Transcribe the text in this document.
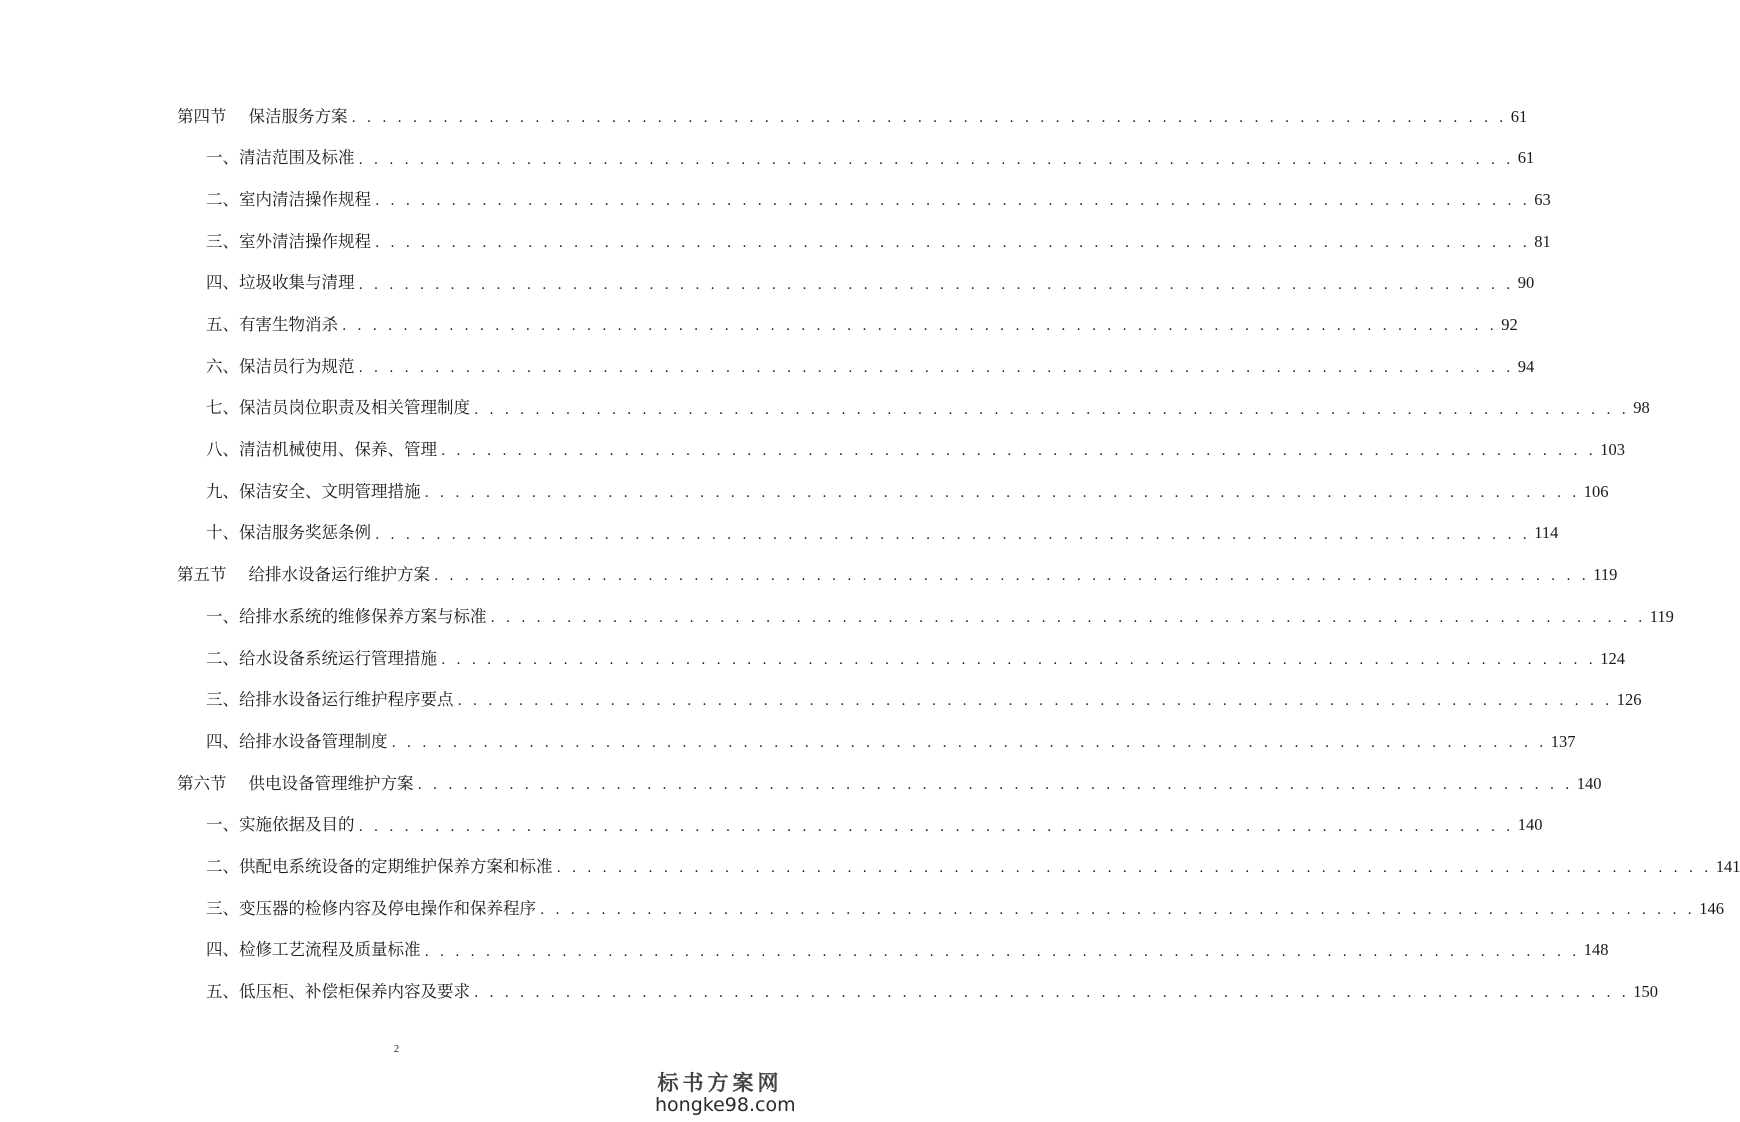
第四节 保洁服务方案 . . . . . . . . . . . . . . . . . . . . . . . . . . . . . . . . . . . . . . . . . . . . . . . . . . . . . . . . . . . . . . . . . . . . . . . . . . . . 61
一、清洁范围及标准 . . . . . . . . . . . . . . . . . . . . . . . . . . . . . . . . . . . . . . . . . . . . . . . . . . . . . . . . . . . . . . . . . . . . . . . . . . . . 61
二、室内清洁操作规程 . . . . . . . . . . . . . . . . . . . . . . . . . . . . . . . . . . . . . . . . . . . . . . . . . . . . . . . . . . . . . . . . . . . . . . . . . . . . 63
三、室外清洁操作规程 . . . . . . . . . . . . . . . . . . . . . . . . . . . . . . . . . . . . . . . . . . . . . . . . . . . . . . . . . . . . . . . . . . . . . . . . . . . . 81
四、垃圾收集与清理 . . . . . . . . . . . . . . . . . . . . . . . . . . . . . . . . . . . . . . . . . . . . . . . . . . . . . . . . . . . . . . . . . . . . . . . . . . . . 90
五、有害生物消杀 . . . . . . . . . . . . . . . . . . . . . . . . . . . . . . . . . . . . . . . . . . . . . . . . . . . . . . . . . . . . . . . . . . . . . . . . . . . . 92
六、保洁员行为规范 . . . . . . . . . . . . . . . . . . . . . . . . . . . . . . . . . . . . . . . . . . . . . . . . . . . . . . . . . . . . . . . . . . . . . . . . . . . . 94
七、保洁员岗位职责及相关管理制度 . . . . . . . . . . . . . . . . . . . . . . . . . . . . . . . . . . . . . . . . . . . . . . . . . . . . . . . . . . . . . . . . . . . . . . . . . . . . 98
八、清洁机械使用、保养、管理 . . . . . . . . . . . . . . . . . . . . . . . . . . . . . . . . . . . . . . . . . . . . . . . . . . . . . . . . . . . . . . . . . . . . . . . . . . . . 103
九、保洁安全、文明管理措施 . . . . . . . . . . . . . . . . . . . . . . . . . . . . . . . . . . . . . . . . . . . . . . . . . . . . . . . . . . . . . . . . . . . . . . . . . . . . 106
十、保洁服务奖惩条例 . . . . . . . . . . . . . . . . . . . . . . . . . . . . . . . . . . . . . . . . . . . . . . . . . . . . . . . . . . . . . . . . . . . . . . . . . . . . 114
第五节 给排水设备运行维护方案 . . . . . . . . . . . . . . . . . . . . . . . . . . . . . . . . . . . . . . . . . . . . . . . . . . . . . . . . . . . . . . . . . . . . . . . . . . . . 119
一、给排水系统的维修保养方案与标准 . . . . . . . . . . . . . . . . . . . . . . . . . . . . . . . . . . . . . . . . . . . . . . . . . . . . . . . . . . . . . . . . . . . . . . . . . . . . 119
二、给水设备系统运行管理措施 . . . . . . . . . . . . . . . . . . . . . . . . . . . . . . . . . . . . . . . . . . . . . . . . . . . . . . . . . . . . . . . . . . . . . . . . . . . . 124
三、给排水设备运行维护程序要点 . . . . . . . . . . . . . . . . . . . . . . . . . . . . . . . . . . . . . . . . . . . . . . . . . . . . . . . . . . . . . . . . . . . . . . . . . . . . 126
四、给排水设备管理制度 . . . . . . . . . . . . . . . . . . . . . . . . . . . . . . . . . . . . . . . . . . . . . . . . . . . . . . . . . . . . . . . . . . . . . . . . . . . . 137
第六节 供电设备管理维护方案 . . . . . . . . . . . . . . . . . . . . . . . . . . . . . . . . . . . . . . . . . . . . . . . . . . . . . . . . . . . . . . . . . . . . . . . . . . . . 140
一、实施依据及目的 . . . . . . . . . . . . . . . . . . . . . . . . . . . . . . . . . . . . . . . . . . . . . . . . . . . . . . . . . . . . . . . . . . . . . . . . . . . . 140
二、供配电系统设备的定期维护保养方案和标准 . . . . . . . . . . . . . . . . . . . . . . . . . . . . . . . . . . . . . . . . . . . . . . . . . . . . . . . . . . . . . . . . . . . . . . . . . . . . 141
三、变压器的检修内容及停电操作和保养程序 . . . . . . . . . . . . . . . . . . . . . . . . . . . . . . . . . . . . . . . . . . . . . . . . . . . . . . . . . . . . . . . . . . . . . . . . . . . . 146
四、检修工艺流程及质量标准 . . . . . . . . . . . . . . . . . . . . . . . . . . . . . . . . . . . . . . . . . . . . . . . . . . . . . . . . . . . . . . . . . . . . . . . . . . . . 148
五、低压柜、补偿柜保养内容及要求 . . . . . . . . . . . . . . . . . . . . . . . . . . . . . . . . . . . . . . . . . . . . . . . . . . . . . . . . . . . . . . . . . . . . . . . . . . . . 150
2
标书方案网
hongke98.com
